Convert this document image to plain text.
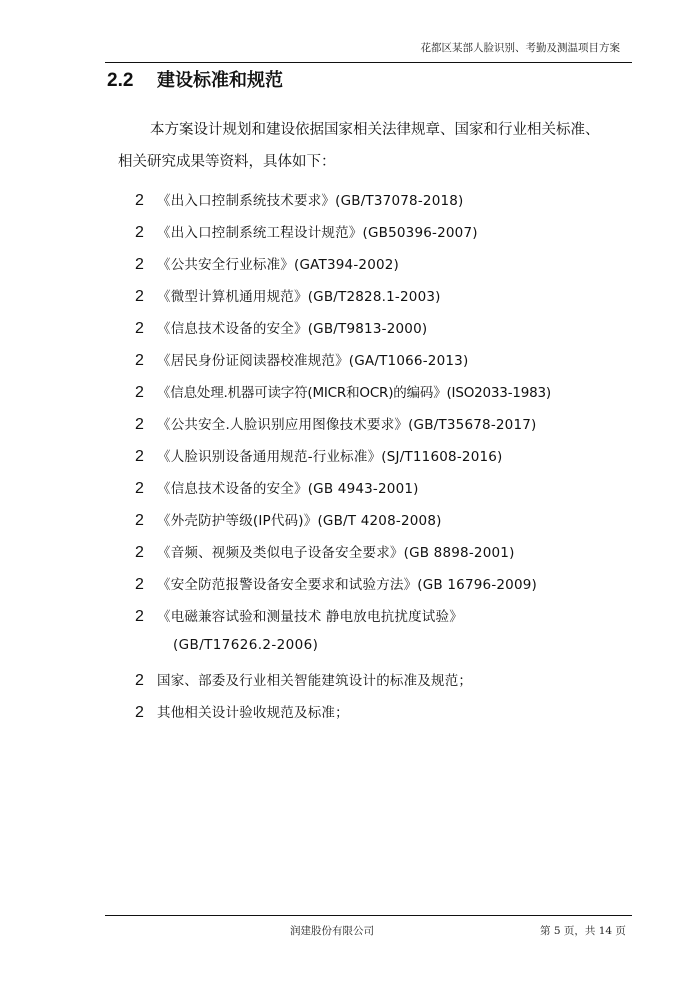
花都区某部人脸识别、考勤及测温项目方案
2.2 建设标准和规范
本方案设计规划和建设依据国家相关法律规章、国家和行业相关标准、
相关研究成果等资料，具体如下：
2 《出入口控制系统技术要求》(GB/T37078-2018)
2 《出入口控制系统工程设计规范》(GB50396-2007)
2 《公共安全行业标准》(GAT394-2002)
2 《微型计算机通用规范》(GB/T2828.1-2003)
2 《信息技术设备的安全》(GB/T9813-2000)
2 《居民身份证阅读器校准规范》(GA/T1066-2013)
2 《信息处理.机器可读字符(MICR和OCR)的编码》(ISO2033-1983)
2 《公共安全.人脸识别应用图像技术要求》(GB/T35678-2017)
2 《人脸识别设备通用规范-行业标准》(SJ/T11608-2016)
2 《信息技术设备的安全》(GB 4943-2001)
2 《外壳防护等级(IP代码)》(GB/T 4208-2008)
2 《音频、视频及类似电子设备安全要求》(GB 8898-2001)
2 《安全防范报警设备安全要求和试验方法》(GB 16796-2009)
2 《电磁兼容试验和测量技术 静电放电抗扰度试验》
(GB/T17626.2-2006)
2 国家、部委及行业相关智能建筑设计的标准及规范；
2 其他相关设计验收规范及标准；
润建股份有限公司	第 5 页，共 14 页
